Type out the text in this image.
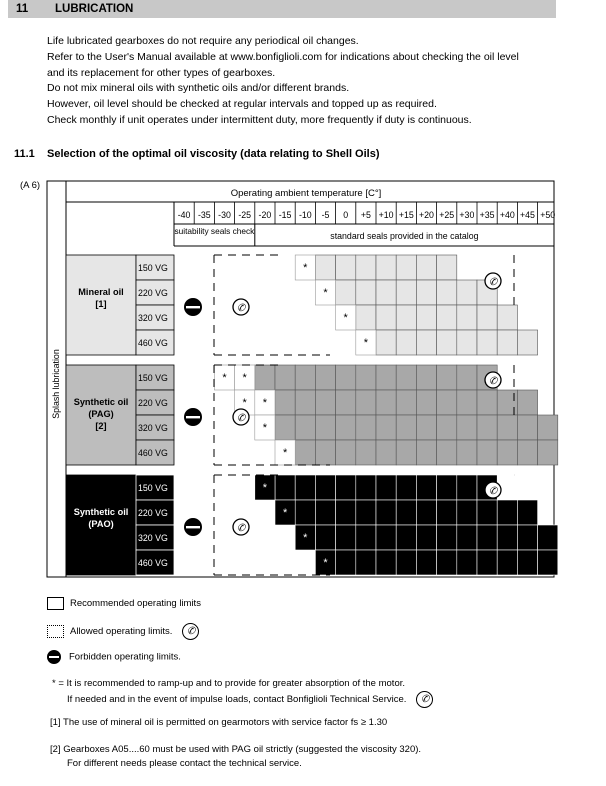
11 LUBRICATION
Life lubricated gearboxes do not require any periodical oil changes.
Refer to the User's Manual available at www.bonfiglioli.com for indications about checking the oil level
and its replacement for other types of gearboxes.
Do not mix mineral oils with synthetic oils and/or different brands.
However, oil level should be checked at regular intervals and topped up as required.
Check monthly if unit operates under intermittent duty, more frequently if duty is continuous.
11.1 Selection of the optimal oil viscosity (data relating to Shell Oils)
(A 6)
Operating ambient temperature [C°]
-40 -35 -30 -25 -20 -15 -10 -5 0 +5 +10 +15 +20 +25 +30 +35 +40 +45 +50
suitability seals check	standard seals provided in the catalog
Splash lubrication
Mineral oil
[1]
150 VG	*
220 VG	*
320 VG	*
460 VG	*
✆
✆
Synthetic oil
(PAG)
[2]
150 VG	* *
220 VG	* *
320 VG	*
460 VG	*
✆
✆
Synthetic oil
(PAO)
150 VG	*
220 VG	*
320 VG	*
460 VG	*
✆
✆
Recommended operating limits
Allowed operating limits. ✆
Forbidden operating limits.
* = It is recommended to ramp-up and to provide for greater absorption of the motor.
If needed and in the event of impulse loads, contact Bonfiglioli Technical Service. ✆
[1] The use of mineral oil is permitted on gearmotors with service factor fs ≥ 1.30
[2] Gearboxes A05....60 must be used with PAG oil strictly (suggested the viscosity 320).
For different needs please contact the technical service.
